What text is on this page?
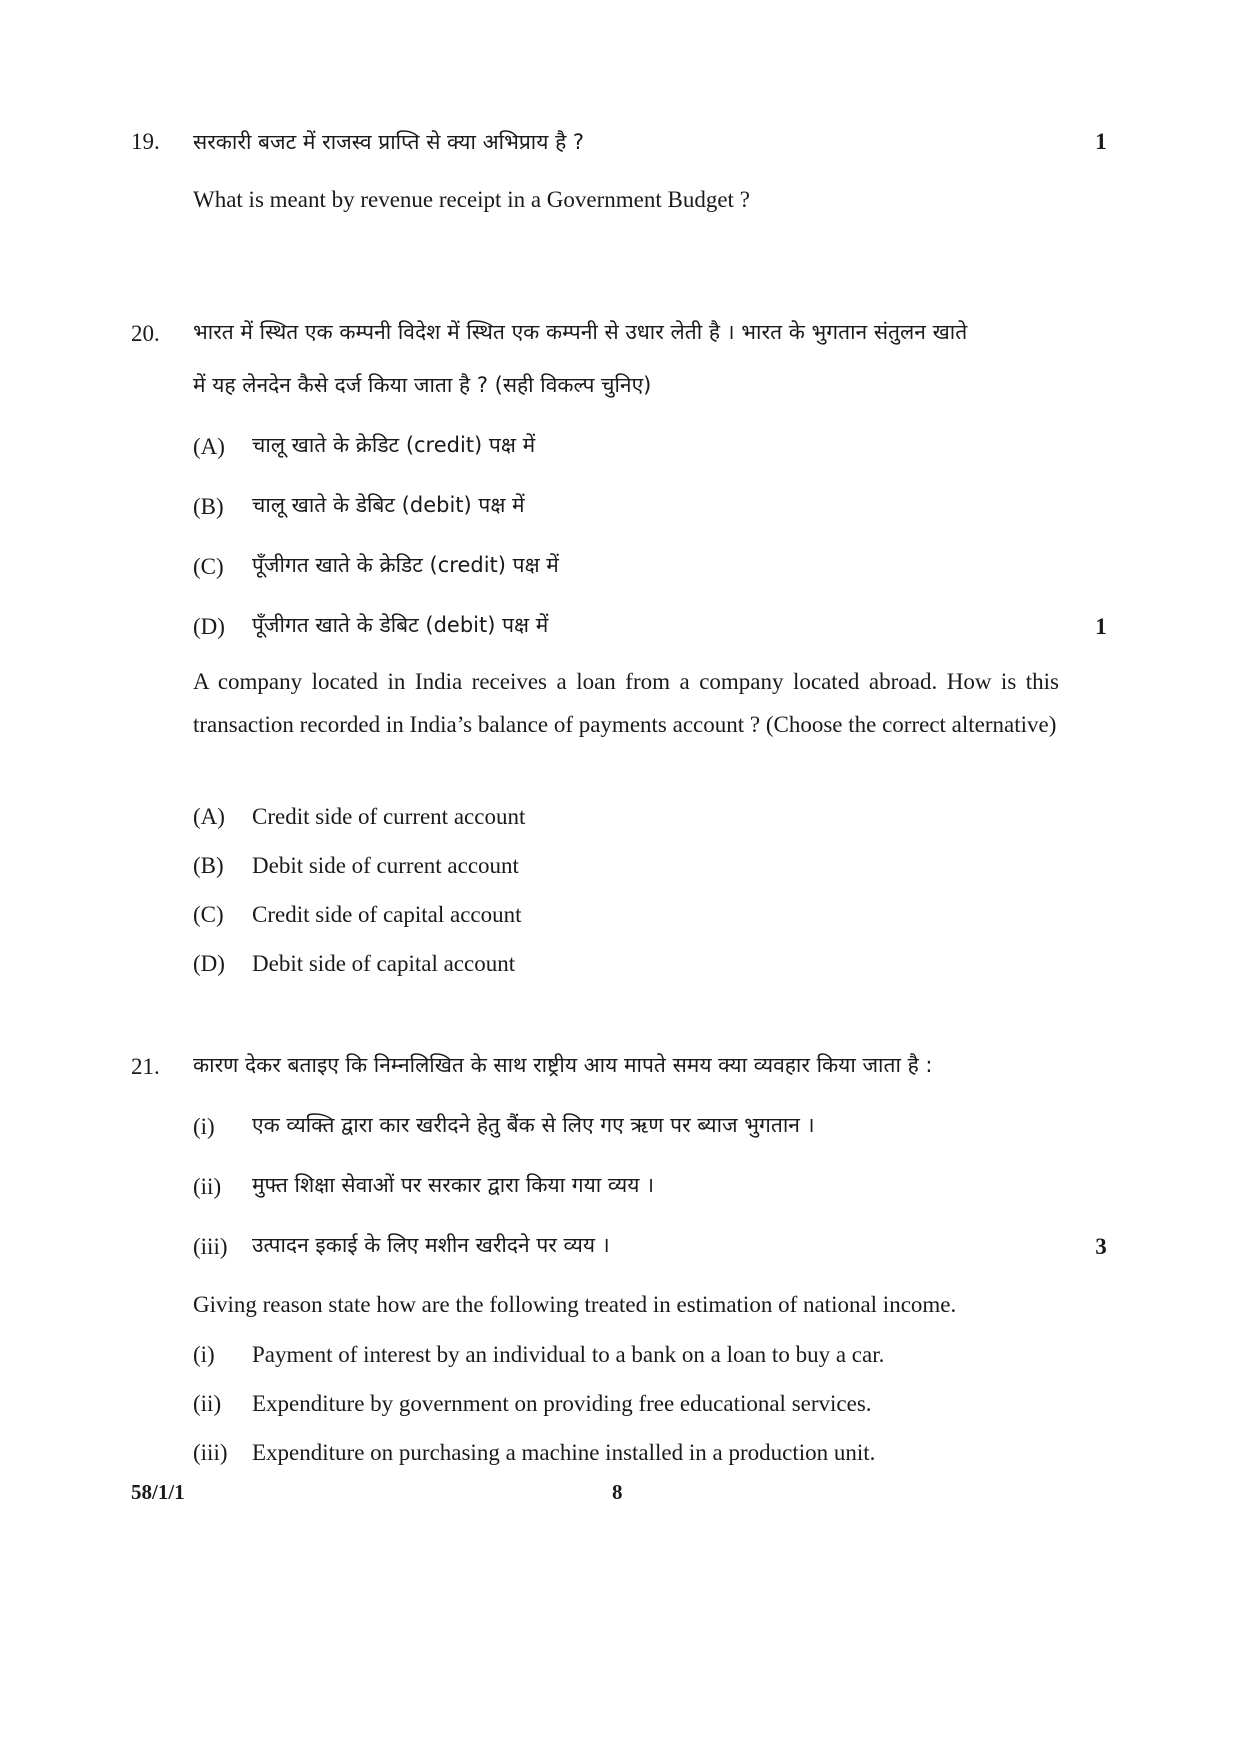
19. सरकारी बजट में राजस्व प्राप्ति से क्या अभिप्राय है ?	1
What is meant by revenue receipt in a Government Budget ?
20. भारत में स्थित एक कम्पनी विदेश में स्थित एक कम्पनी से उधार लेती है । भारत के भुगतान संतुलन खाते
में यह लेनदेन कैसे दर्ज किया जाता है ? (सही विकल्प चुनिए)
(A) चालू खाते के क्रेडिट (credit) पक्ष में
(B) चालू खाते के डेबिट (debit) पक्ष में
(C) पूँजीगत खाते के क्रेडिट (credit) पक्ष में
(D) पूँजीगत खाते के डेबिट (debit) पक्ष में	1
A company located in India receives a loan from a company located abroad. How is this transaction recorded in India’s balance of payments account ? (Choose the correct alternative)
(A) Credit side of current account
(B) Debit side of current account
(C) Credit side of capital account
(D) Debit side of capital account
21. कारण देकर बताइए कि निम्नलिखित के साथ राष्ट्रीय आय मापते समय क्या व्यवहार किया जाता है :
(i) एक व्यक्ति द्वारा कार खरीदने हेतु बैंक से लिए गए ऋण पर ब्याज भुगतान ।
(ii) मुफ्त शिक्षा सेवाओं पर सरकार द्वारा किया गया व्यय ।
(iii) उत्पादन इकाई के लिए मशीन खरीदने पर व्यय ।	3
Giving reason state how are the following treated in estimation of national income.
(i) Payment of interest by an individual to a bank on a loan to buy a car.
(ii) Expenditure by government on providing free educational services.
(iii) Expenditure on purchasing a machine installed in a production unit.
58/1/1	8
